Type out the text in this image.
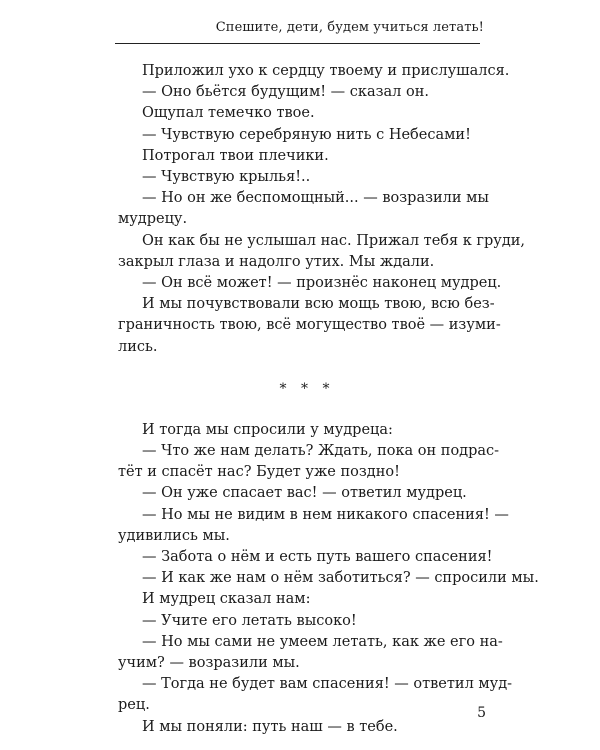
Спешите, дети, будем учиться летать!
Приложил ухо к сердцу твоему и прислушался.
— Оно бьётся будущим! — сказал он.
Ощупал темечко твое.
— Чувствую серебряную нить с Небесами!
Потрогал твои плечики.
— Чувствую крылья!..
— Но он же беспомощный... — возразили мы
мудрецу.
Он как бы не услышал нас. Прижал тебя к груди,
закрыл глаза и надолго утих. Мы ждали.
— Он всё может! — произнёс наконец мудрец.
И мы почувствовали всю мощь твою, всю без-
граничность твою, всё могущество твоё — изуми-
лись.
* * *
И тогда мы спросили у мудреца:
— Что же нам делать? Ждать, пока он подрас-
тёт и спасёт нас? Будет уже поздно!
— Он уже спасает вас! — ответил мудрец.
— Но мы не видим в нем никакого спасения! —
удивились мы.
— Забота о нём и есть путь вашего спасения!
— И как же нам о нём заботиться? — спросили мы.
И мудрец сказал нам:
— Учите его летать высоко!
— Но мы сами не умеем летать, как же его на-
учим? — возразили мы.
— Тогда не будет вам спасения! — ответил муд-
рец.
И мы поняли: путь наш — в тебе.
5
